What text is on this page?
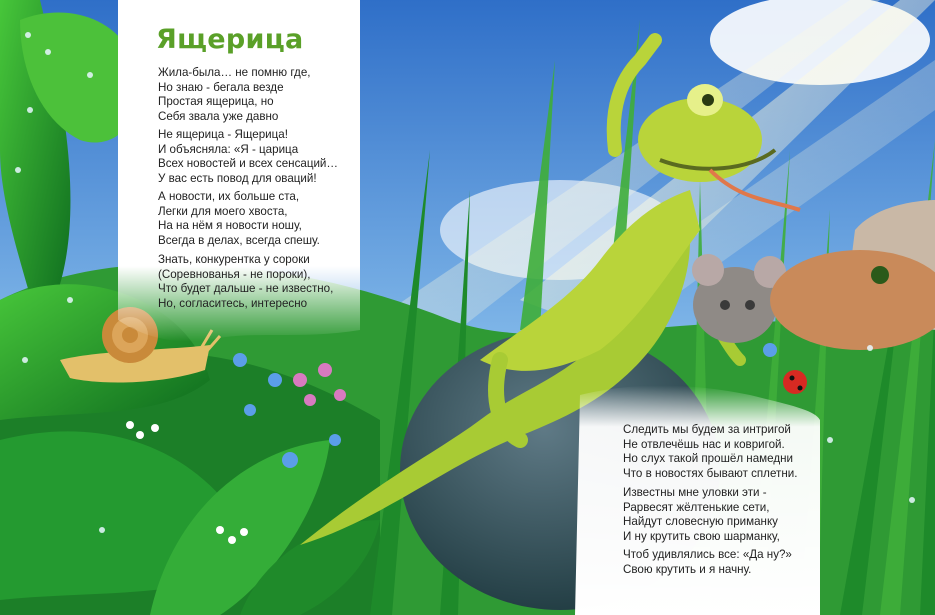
Ящерица
Жила-была… не помню где,
Но знаю - бегала везде
Простая ящерица, но
Себя звала уже давно
Не ящерица - Ящерица!
И объясняла: «Я - царица
Всех новостей и всех сенсаций…
У вас есть повод для оваций!
А новости, их больше ста,
Легки для моего хвоста,
На на нём я новости ношу,
Всегда в делах, всегда спешу.
Знать, конкурентка у сороки
(Соревнованья - не пороки),
Что будет дальше - не известно,
Но, согласитесь, интересно
Следить мы будем за интригой
Не отвлечёшь нас и ковригой.
Но слух такой прошёл намедни
Что в новостях бывают сплетни.
Известны мне уловки эти -
Рарвесят жёлтенькие сети,
Найдут словесную приманку
И ну крутить свою шарманку,
Чтоб удивлялись все: «Да ну?»
Свою крутить и я начну.
